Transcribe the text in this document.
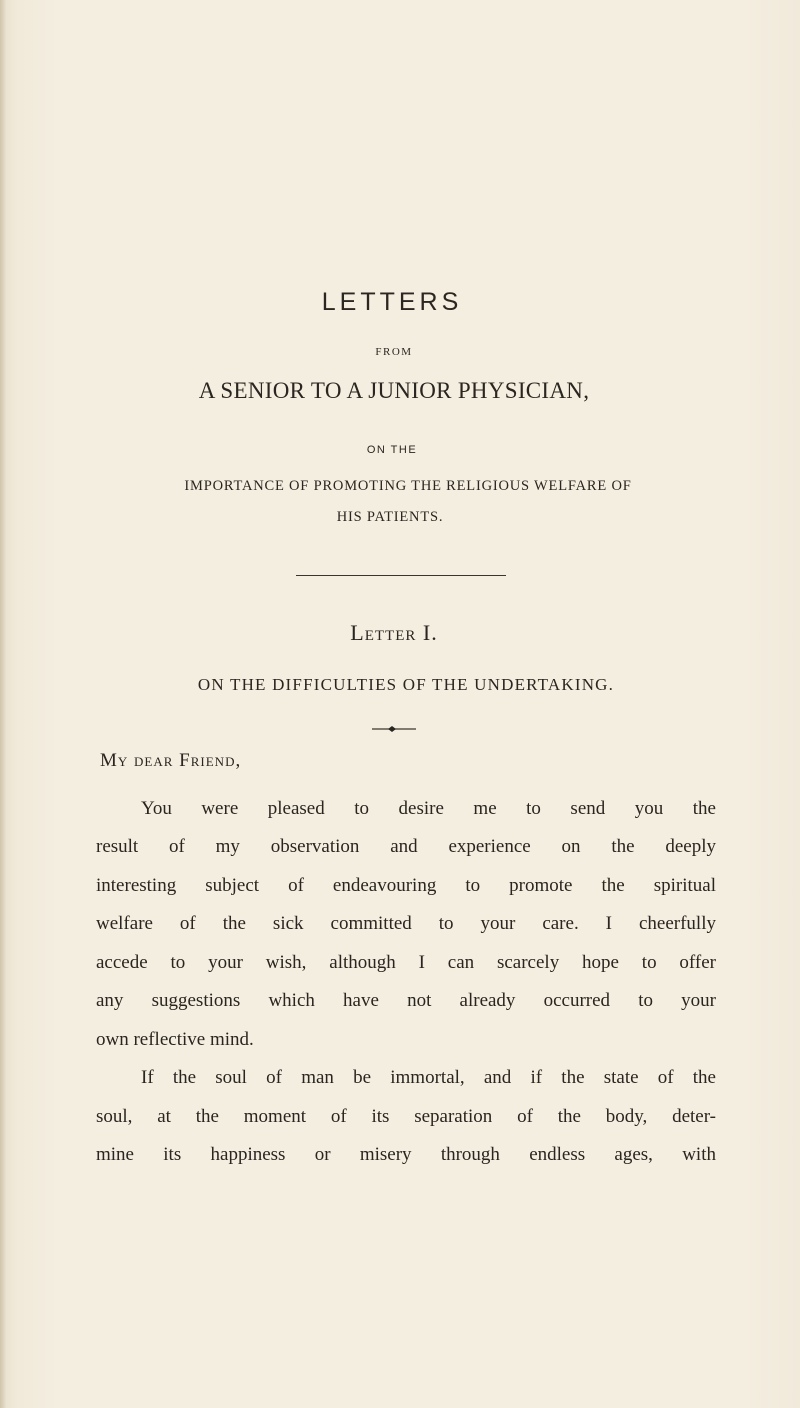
LETTERS
FROM
A SENIOR TO A JUNIOR PHYSICIAN,
ON THE
IMPORTANCE OF PROMOTING THE RELIGIOUS WELFARE OF
HIS PATIENTS.
Letter I.
ON THE DIFFICULTIES OF THE UNDERTAKING.
My dear Friend,
You were pleased to desire me to send you the
result of my observation and experience on the deeply
interesting subject of endeavouring to promote the spiritual
welfare of the sick committed to your care. I cheerfully
accede to your wish, although I can scarcely hope to offer
any suggestions which have not already occurred to your
own reflective mind.
If the soul of man be immortal, and if the state of the
soul, at the moment of its separation of the body, deter-
mine its happiness or misery through endless ages, with
